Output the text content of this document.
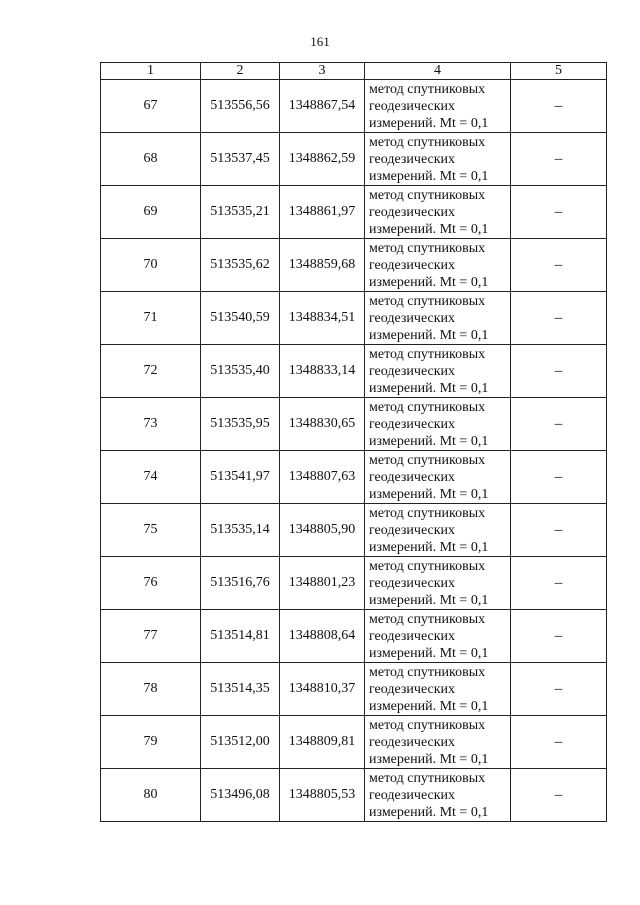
161
1	2	3	4	5
67	513556,56	1348867,54	метод спутниковых
геодезических
измерений. Mt = 0,1	–
68	513537,45	1348862,59	метод спутниковых
геодезических
измерений. Mt = 0,1	–
69	513535,21	1348861,97	метод спутниковых
геодезических
измерений. Mt = 0,1	–
70	513535,62	1348859,68	метод спутниковых
геодезических
измерений. Mt = 0,1	–
71	513540,59	1348834,51	метод спутниковых
геодезических
измерений. Mt = 0,1	–
72	513535,40	1348833,14	метод спутниковых
геодезических
измерений. Mt = 0,1	–
73	513535,95	1348830,65	метод спутниковых
геодезических
измерений. Mt = 0,1	–
74	513541,97	1348807,63	метод спутниковых
геодезических
измерений. Mt = 0,1	–
75	513535,14	1348805,90	метод спутниковых
геодезических
измерений. Mt = 0,1	–
76	513516,76	1348801,23	метод спутниковых
геодезических
измерений. Mt = 0,1	–
77	513514,81	1348808,64	метод спутниковых
геодезических
измерений. Mt = 0,1	–
78	513514,35	1348810,37	метод спутниковых
геодезических
измерений. Mt = 0,1	–
79	513512,00	1348809,81	метод спутниковых
геодезических
измерений. Mt = 0,1	–
80	513496,08	1348805,53	метод спутниковых
геодезических
измерений. Mt = 0,1	–
